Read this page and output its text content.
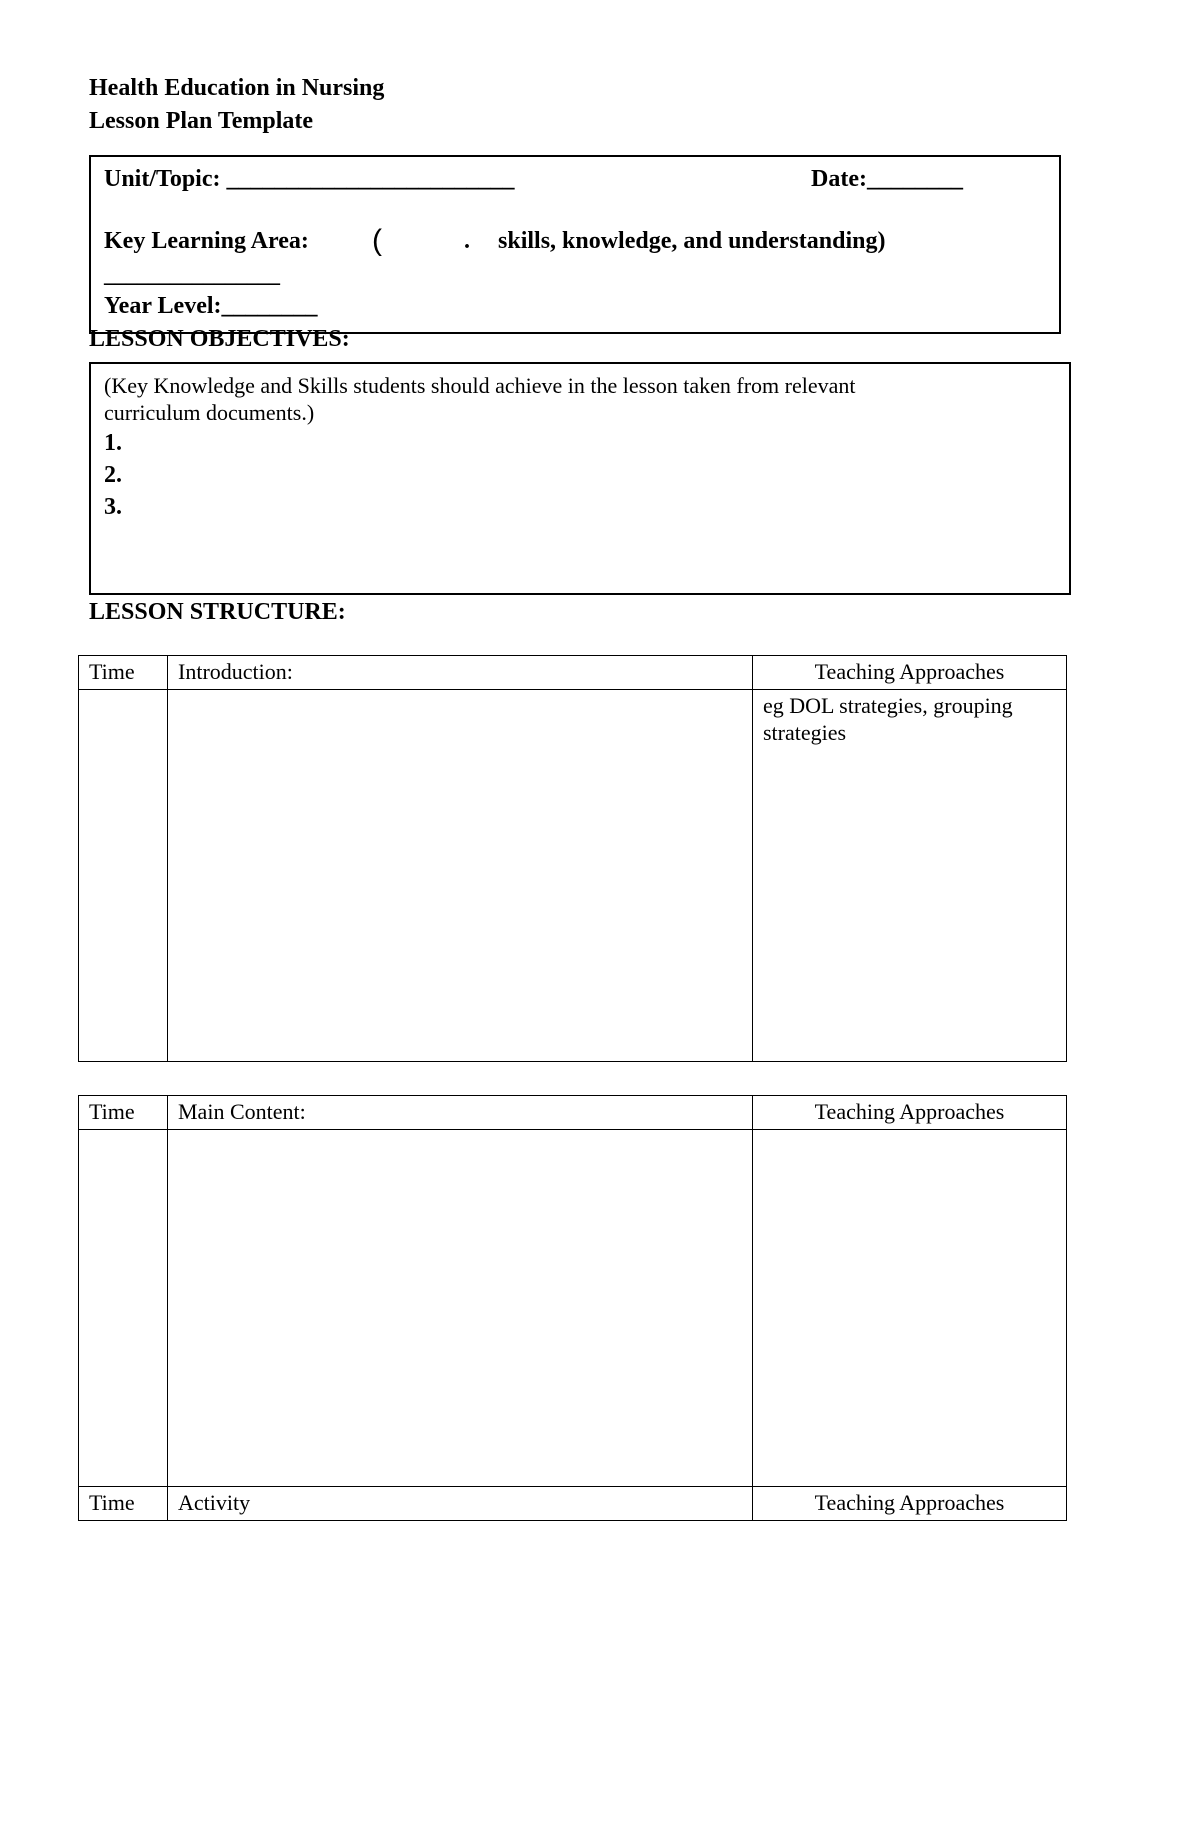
Health Education in Nursing
Lesson Plan Template
Unit/Topic: ________________________	Date:________
Key Learning Area: (	. skills, knowledge, and understanding)
________________
Year Level:________
LESSON OBJECTIVES:
(Key Knowledge and Skills students should achieve in the lesson taken from relevant
curriculum documents.)
1.
2.
3.
LESSON STRUCTURE:
Time	Introduction:	Teaching Approaches

		eg DOL strategies, grouping
strategies
Time	Main Content:	Teaching Approaches

Time	Activity	Teaching Approaches
